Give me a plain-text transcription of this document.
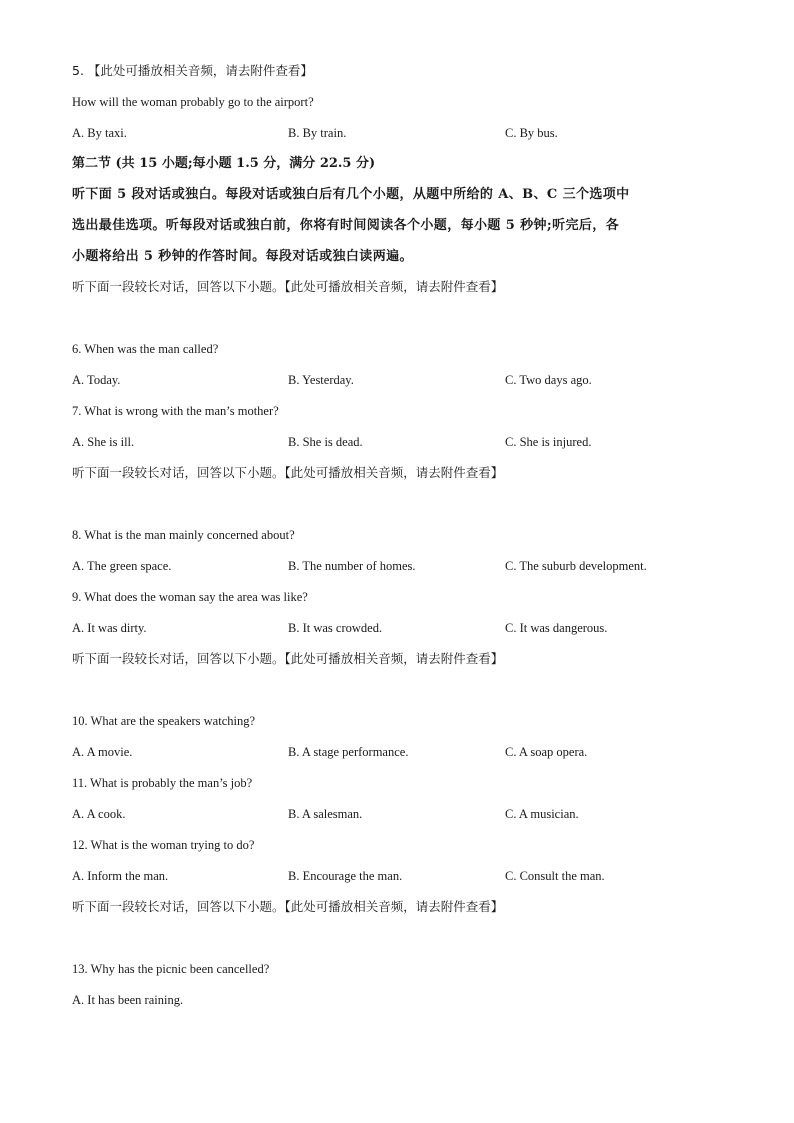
5. 【此处可播放相关音频，请去附件查看】

How will the woman probably go to the airport?

A. By taxi.	B. By train.	C. By bus.

第二节 (共 15 小题;每小题 1.5 分，满分 22.5 分)

听下面 5 段对话或独白。每段对话或独白后有几个小题，从题中所给的 A、B、C 三个选项中
选出最佳选项。听每段对话或独白前，你将有时间阅读各个小题，每小题 5 秒钟;听完后，各
小题将给出 5 秒钟的作答时间。每段对话或独白读两遍。

听下面一段较长对话，回答以下小题。【此处可播放相关音频，请去附件查看】

6. When was the man called?

A. Today.	B. Yesterday.	C. Two days ago.

7. What is wrong with the man’s mother?

A. She is ill.	B. She is dead.	C. She is injured.

听下面一段较长对话，回答以下小题。【此处可播放相关音频，请去附件查看】

8. What is the man mainly concerned about?

A. The green space.	B. The number of homes.	C. The suburb development.

9. What does the woman say the area was like?

A. It was dirty.	B. It was crowded.	C. It was dangerous.

听下面一段较长对话，回答以下小题。【此处可播放相关音频，请去附件查看】

10. What are the speakers watching?

A. A movie.	B. A stage performance.	C. A soap opera.

11. What is probably the man’s job?

A. A cook.	B. A salesman.	C. A musician.

12. What is the woman trying to do?

A. Inform the man.	B. Encourage the man.	C. Consult the man.

听下面一段较长对话，回答以下小题。【此处可播放相关音频，请去附件查看】

13. Why has the picnic been cancelled?

A. It has been raining.
